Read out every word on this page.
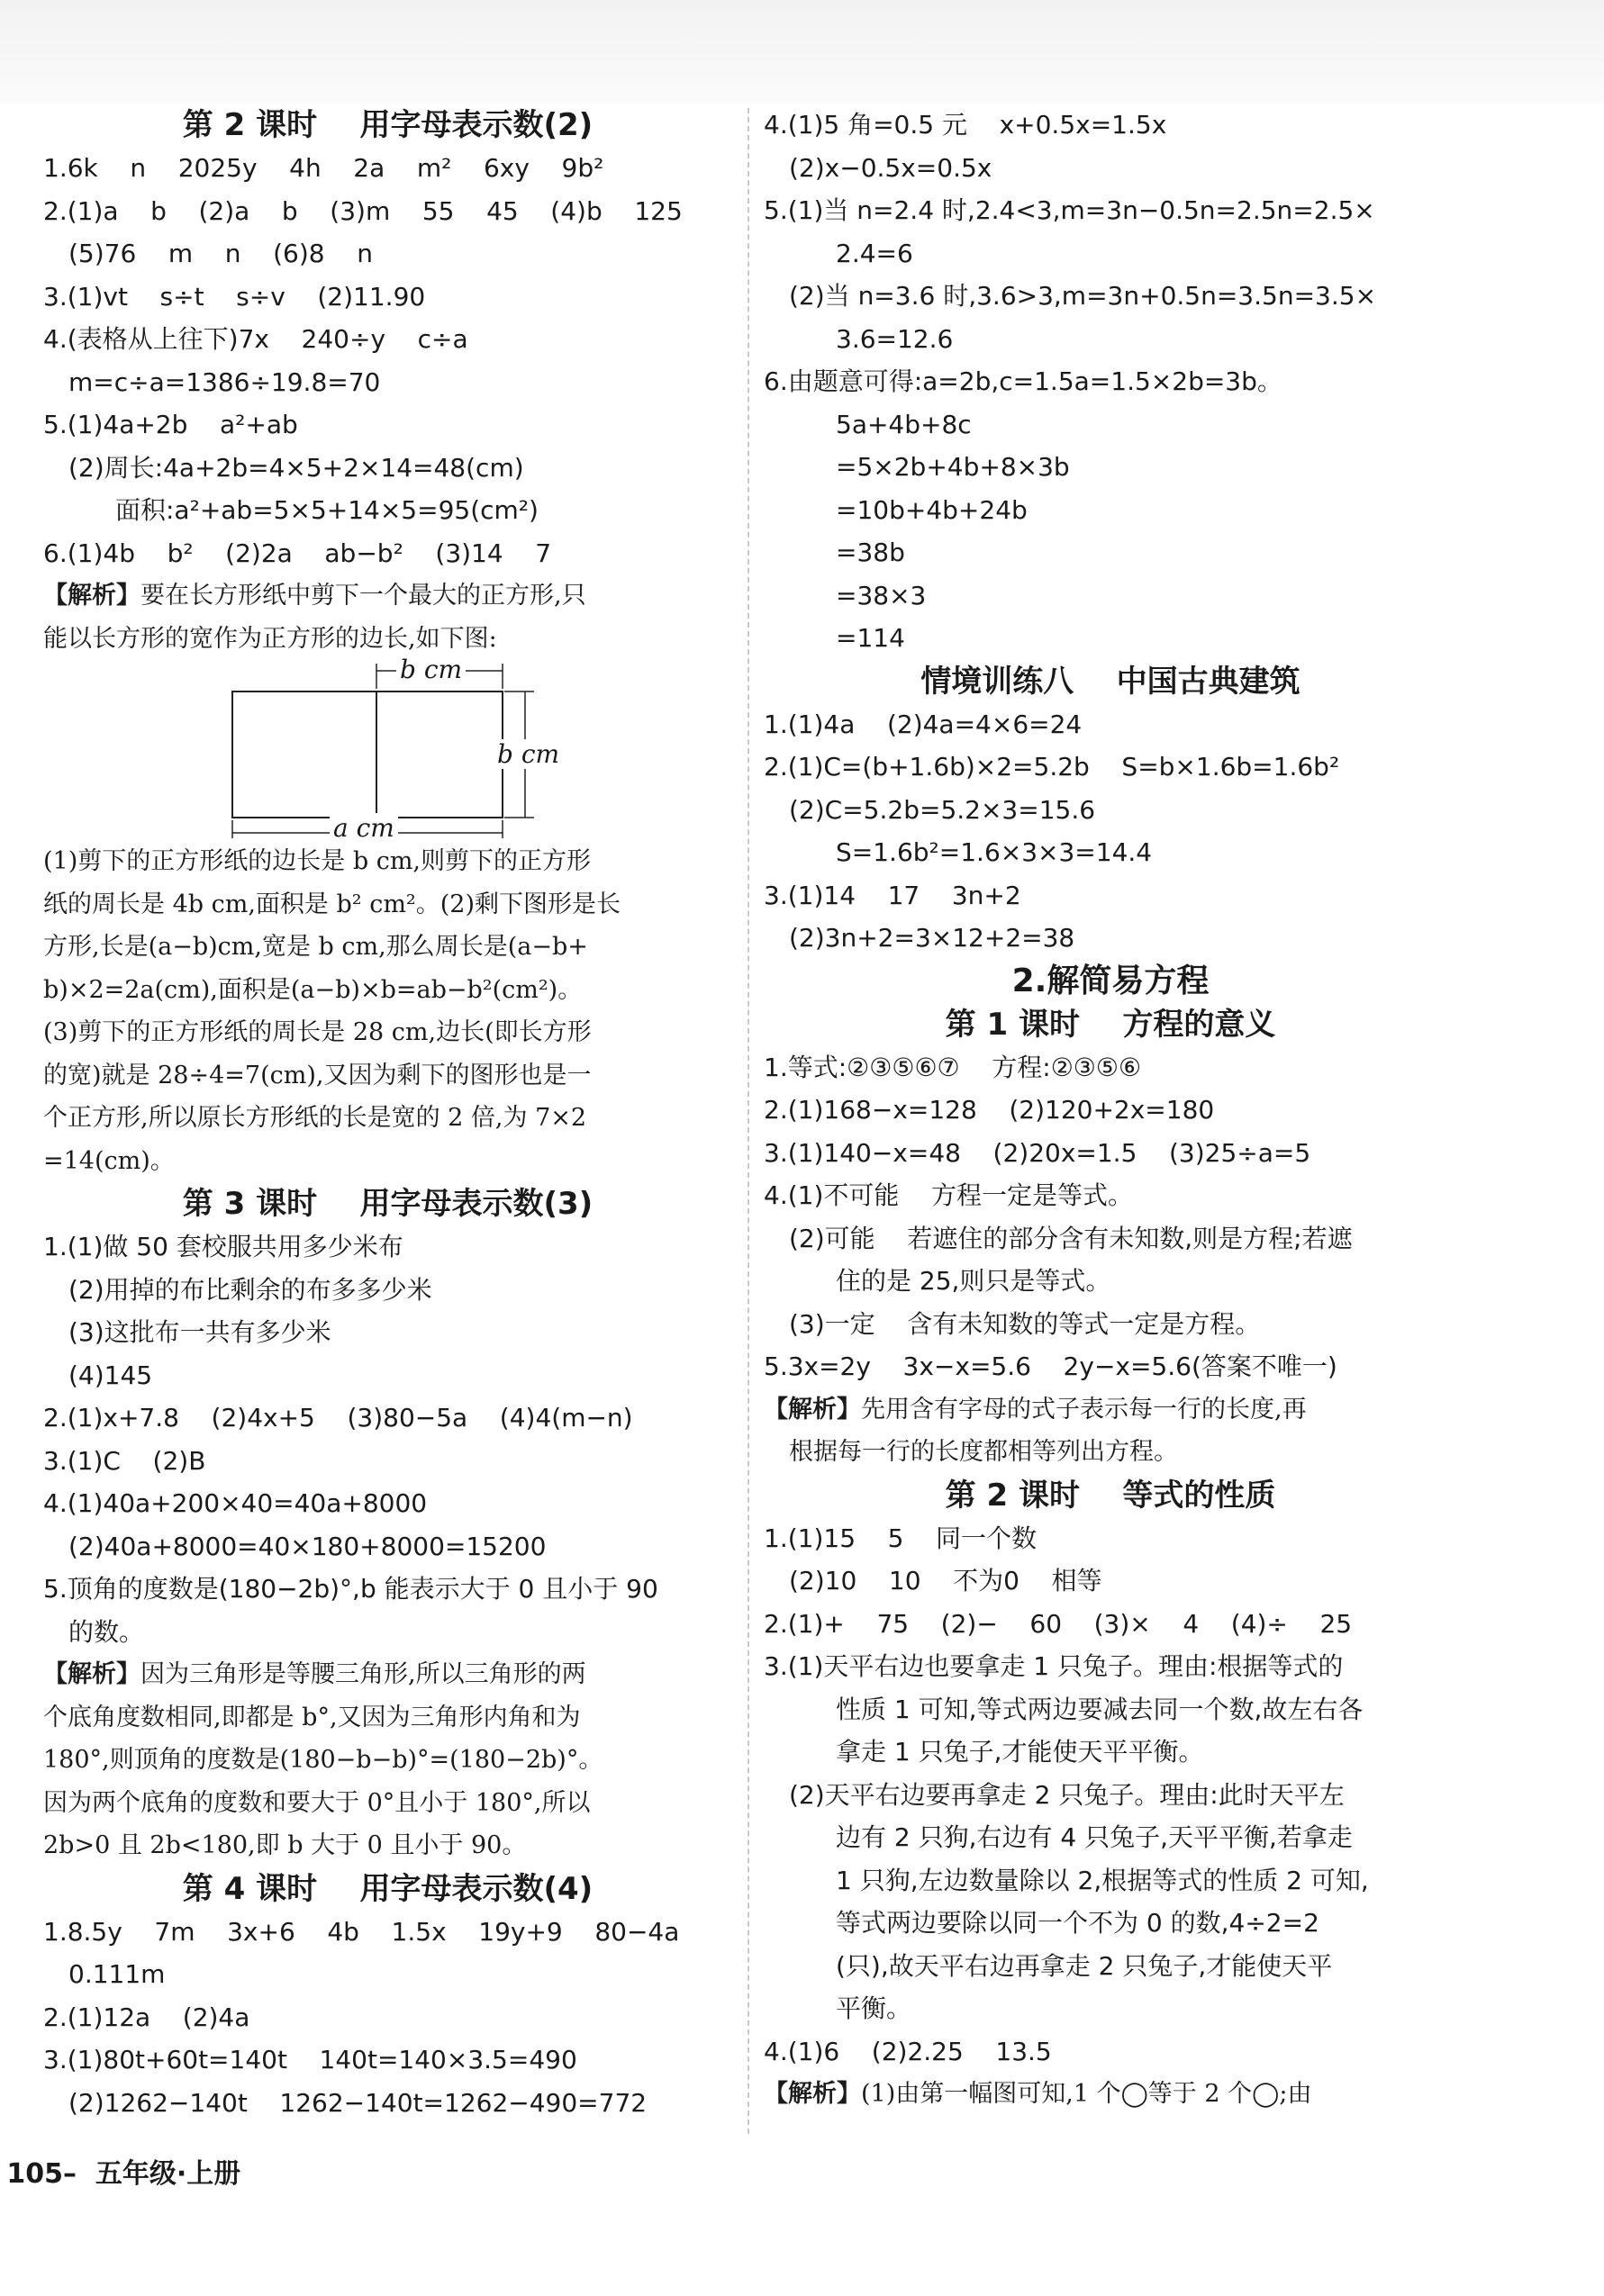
第 2 课时    用字母表示数(2)
1.6k    n    2025y    4h    2a    m²    6xy    9b²
2.(1)a    b    (2)a    b    (3)m    55    45    (4)b    125
(5)76    m    n    (6)8    n
3.(1)vt    s÷t    s÷v    (2)11.90
4.(表格从上往下)7x    240÷y    c÷a
m=c÷a=1386÷19.8=70
5.(1)4a+2b    a²+ab
(2)周长:4a+2b=4×5+2×14=48(cm)
面积:a²+ab=5×5+14×5=95(cm²)
6.(1)4b    b²    (2)2a    ab−b²    (3)14    7
【解析】要在长方形纸中剪下一个最大的正方形,只
能以长方形的宽作为正方形的边长,如下图:
b cm
b cm
a cm
(1)剪下的正方形纸的边长是 b cm,则剪下的正方形
纸的周长是 4b cm,面积是 b² cm²。(2)剩下图形是长
方形,长是(a−b)cm,宽是 b cm,那么周长是(a−b+
b)×2=2a(cm),面积是(a−b)×b=ab−b²(cm²)。
(3)剪下的正方形纸的周长是 28 cm,边长(即长方形
的宽)就是 28÷4=7(cm),又因为剩下的图形也是一
个正方形,所以原长方形纸的长是宽的 2 倍,为 7×2
=14(cm)。
第 3 课时    用字母表示数(3)
1.(1)做 50 套校服共用多少米布
(2)用掉的布比剩余的布多多少米
(3)这批布一共有多少米
(4)145
2.(1)x+7.8    (2)4x+5    (3)80−5a    (4)4(m−n)
3.(1)C    (2)B
4.(1)40a+200×40=40a+8000
(2)40a+8000=40×180+8000=15200
5.顶角的度数是(180−2b)°,b 能表示大于 0 且小于 90
的数。
【解析】因为三角形是等腰三角形,所以三角形的两
个底角度数相同,即都是 b°,又因为三角形内角和为
180°,则顶角的度数是(180−b−b)°=(180−2b)°。
因为两个底角的度数和要大于 0°且小于 180°,所以
2b>0 且 2b<180,即 b 大于 0 且小于 90。
第 4 课时    用字母表示数(4)
1.8.5y    7m    3x+6    4b    1.5x    19y+9    80−4a
0.111m
2.(1)12a    (2)4a
3.(1)80t+60t=140t    140t=140×3.5=490
(2)1262−140t    1262−140t=1262−490=772
4.(1)5 角=0.5 元    x+0.5x=1.5x
(2)x−0.5x=0.5x
5.(1)当 n=2.4 时,2.4<3,m=3n−0.5n=2.5n=2.5×
2.4=6
(2)当 n=3.6 时,3.6>3,m=3n+0.5n=3.5n=3.5×
3.6=12.6
6.由题意可得:a=2b,c=1.5a=1.5×2b=3b。
5a+4b+8c
=5×2b+4b+8×3b
=10b+4b+24b
=38b
=38×3
=114
情境训练八    中国古典建筑
1.(1)4a    (2)4a=4×6=24
2.(1)C=(b+1.6b)×2=5.2b    S=b×1.6b=1.6b²
(2)C=5.2b=5.2×3=15.6
S=1.6b²=1.6×3×3=14.4
3.(1)14    17    3n+2
(2)3n+2=3×12+2=38
2.解简易方程
第 1 课时    方程的意义
1.等式:②③⑤⑥⑦    方程:②③⑤⑥
2.(1)168−x=128    (2)120+2x=180
3.(1)140−x=48    (2)20x=1.5    (3)25÷a=5
4.(1)不可能    方程一定是等式。
(2)可能    若遮住的部分含有未知数,则是方程;若遮
住的是 25,则只是等式。
(3)一定    含有未知数的等式一定是方程。
5.3x=2y    3x−x=5.6    2y−x=5.6(答案不唯一)
【解析】先用含有字母的式子表示每一行的长度,再
根据每一行的长度都相等列出方程。
第 2 课时    等式的性质
1.(1)15    5    同一个数
(2)10    10    不为0    相等
2.(1)+    75    (2)−    60    (3)×    4    (4)÷    25
3.(1)天平右边也要拿走 1 只兔子。理由:根据等式的
性质 1 可知,等式两边要减去同一个数,故左右各
拿走 1 只兔子,才能使天平平衡。
(2)天平右边要再拿走 2 只兔子。理由:此时天平左
边有 2 只狗,右边有 4 只兔子,天平平衡,若拿走
1 只狗,左边数量除以 2,根据等式的性质 2 可知,
等式两边要除以同一个不为 0 的数,4÷2=2
(只),故天平右边再拿走 2 只兔子,才能使天平
平衡。
4.(1)6    (2)2.25    13.5
【解析】(1)由第一幅图可知,1 个◯等于 2 个◯;由
105– 五年级·上册
